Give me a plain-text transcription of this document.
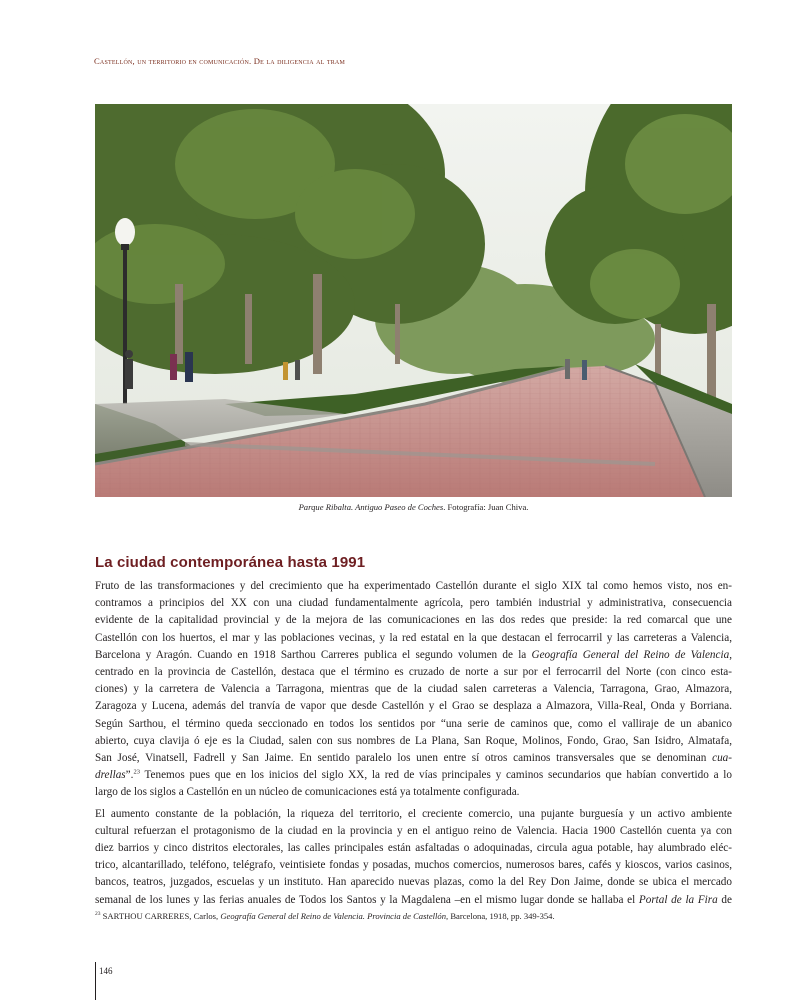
Castellón, un territorio en comunicación. De la diligencia al tram
Parque Ribalta. Antiguo Paseo de Coches. Fotografía: Juan Chiva.
La ciudad contemporánea hasta 1991

Fruto de las transformaciones y del crecimiento que ha experimentado Castellón durante el siglo XIX tal como hemos visto, nos en-
contramos a principios del XX con una ciudad fundamentalmente agrícola, pero también industrial y administrativa, consecuencia
evidente de la capitalidad provincial y de la mejora de las comunicaciones en las dos redes que preside: la red comarcal que une
Castellón con los huertos, el mar y las poblaciones vecinas, y la red estatal en la que destacan el ferrocarril y las carreteras a Valencia,
Barcelona y Aragón. Cuando en 1918 Sarthou Carreres publica el segundo volumen de la Geografía General del Reino de Valencia,
centrado en la provincia de Castellón, destaca que el término es cruzado de norte a sur por el ferrocarril del Norte (con cinco esta-
ciones) y la carretera de Valencia a Tarragona, mientras que de la ciudad salen carreteras a Valencia, Tarragona, Grao, Almazora,
Zaragoza y Lucena, además del tranvía de vapor que desde Castellón y el Grao se desplaza a Almazora, Villa-Real, Onda y Borriana.
Según Sarthou, el término queda seccionado en todos los sentidos por “una serie de caminos que, como el valliraje de un abanico
abierto, cuya clavija ó eje es la Ciudad, salen con sus nombres de La Plana, San Roque, Molinos, Fondo, Grao, San Isidro, Almatafa,
San José, Vinatsell, Fadrell y San Jaime. En sentido paralelo los unen entre sí otros caminos transversales que se denominan cua-
drellas”.$^{23}$ Tenemos pues que en los inicios del siglo XX, la red de vías principales y caminos secundarios que habían convertido a lo
largo de los siglos a Castellón en un núcleo de comunicaciones está ya totalmente configurada.

El aumento constante de la población, la riqueza del territorio, el creciente comercio, una pujante burguesía y un activo ambiente
cultural refuerzan el protagonismo de la ciudad en la provincia y en el antiguo reino de Valencia. Hacia 1900 Castellón cuenta ya con
diez barrios y cinco distritos electorales, las calles principales están asfaltadas o adoquinadas, circula agua potable, hay alumbrado eléc-
trico, alcantarillado, teléfono, telégrafo, veintisiete fondas y posadas, muchos comercios, numerosos bares, cafés y kioscos, varios casinos,
bancos, teatros, juzgados, escuelas y un instituto. Han aparecido nuevas plazas, como la del Rey Don Jaime, donde se ubica el mercado
semanal de los lunes y las ferias anuales de Todos los Santos y la Magdalena –en el mismo lugar donde se hallaba el Portal de la Fira de

$^{23}$ SARTHOU CARRERES, Carlos, Geografía General del Reino de Valencia. Provincia de Castellón, Barcelona, 1918, pp. 349-354.
146
